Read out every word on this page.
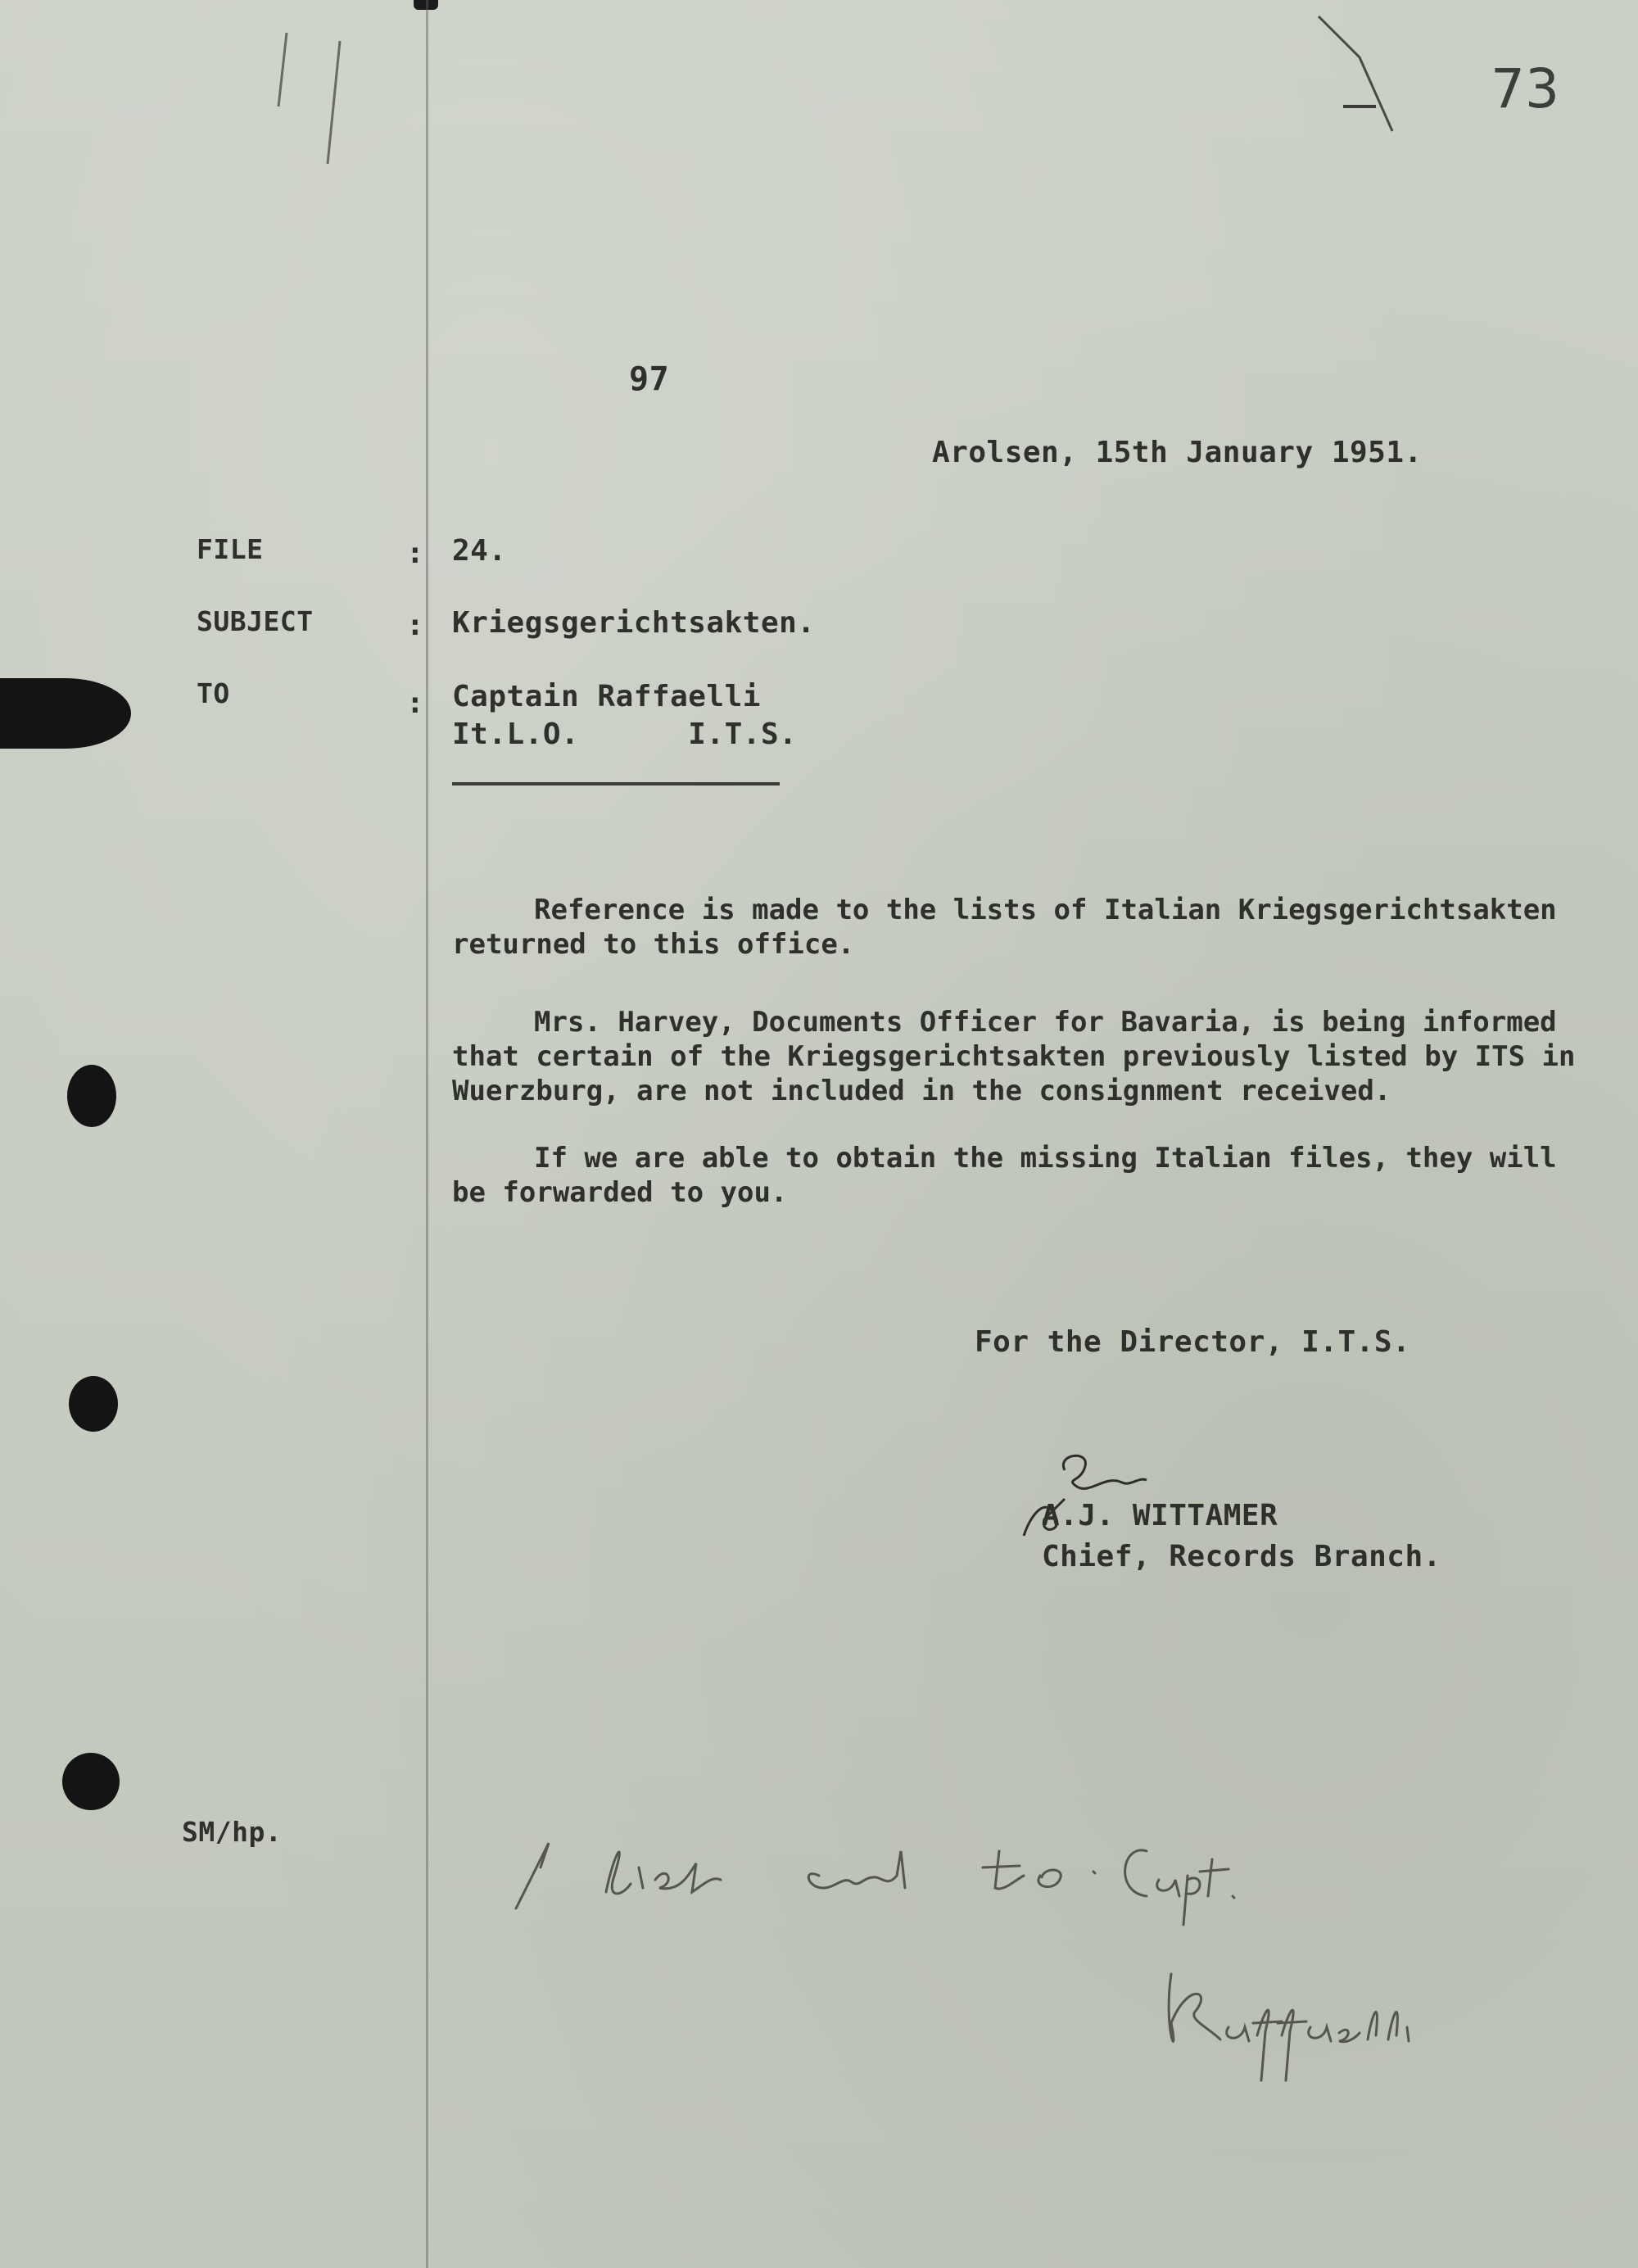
73
97
Arolsen, 15th January 1951.
FILE	: 24.
SUBJECT	: Kriegsgerichtsakten.
TO	: Captain Raffaelli
It.L.O.      I.T.S.
Reference is made to the lists of Italian Kriegsgerichtsakten returned to this office.
Mrs. Harvey, Documents Officer for Bavaria, is being informed that certain of the Kriegsgerichtsakten previously listed by ITS in Wuerzburg, are not included in the consignment received.
If we are able to obtain the missing Italian files, they will be forwarded to you.
For the Director, I.T.S.
A.J. WITTAMER
Chief, Records Branch.
SM/hp.
